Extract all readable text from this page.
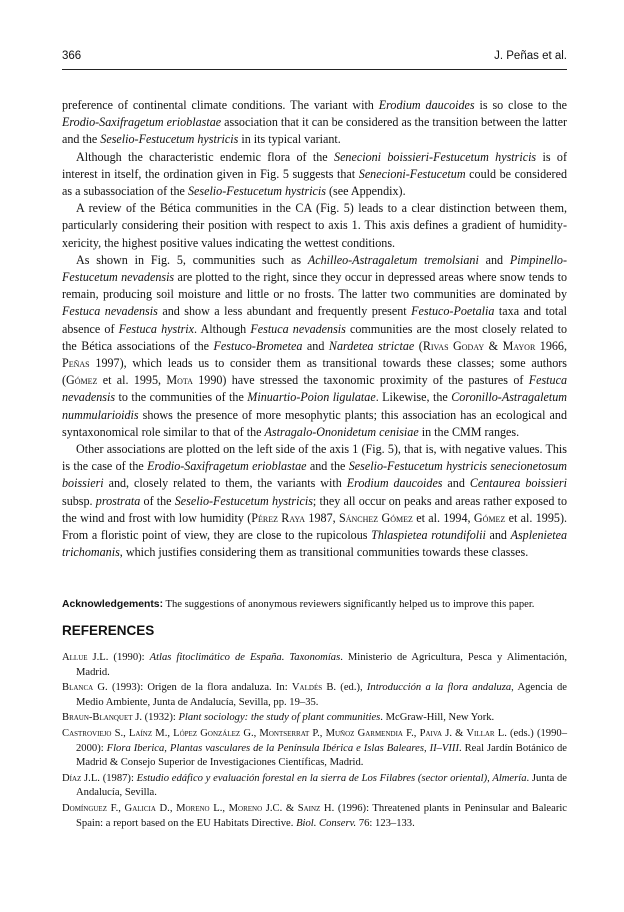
366	J. Peñas et al.

preference of continental climate conditions. The variant with Erodium daucoides is so close to the Erodio-Saxifragetum erioblastae association that it can be considered as the transition between the latter and the Seselio-Festucetum hystricis in its typical variant.

Although the characteristic endemic flora of the Senecioni boissieri-Festucetum hystricis is of interest in itself, the ordination given in Fig. 5 suggests that Senecioni-Festucetum could be considered as a subassociation of the Seselio-Festucetum hystricis (see Appendix).

A review of the Bética communities in the CA (Fig. 5) leads to a clear distinction between them, particularly considering their position with respect to axis 1. This axis defines a gradient of humidity-xericity, the highest positive values indicating the wettest conditions.

As shown in Fig. 5, communities such as Achilleo-Astragaletum tremolsiani and Pimpinello-Festucetum nevadensis are plotted to the right, since they occur in depressed areas where snow tends to remain, producing soil moisture and little or no frosts. The latter two communities are dominated by Festuca nevadensis and show a less abundant and frequently present Festuco-Poetalia taxa and total absence of Festuca hystrix. Although Festuca nevadensis communities are the most closely related to the Bética associations of the Festuco-Brometea and Nardetea strictae (Rivas Goday & Mayor 1966, Peñas 1997), which leads us to consider them as transitional towards these classes; some authors (Gómez et al. 1995, Mota 1990) have stressed the taxonomic proximity of the pastures of Festuca nevadensis to the communities of the Minuartio-Poion ligulatae. Likewise, the Coronillo-Astragaletum nummularioidis shows the presence of more mesophytic plants; this association has an ecological and syntaxonomical role similar to that of the Astragalo-Ononidetum cenisiae in the CMM ranges.

Other associations are plotted on the left side of the axis 1 (Fig. 5), that is, with negative values. This is the case of the Erodio-Saxifragetum erioblastae and the Seselio-Festucetum hystricis senecionetosum boissieri and, closely related to them, the variants with Erodium daucoides and Centaurea boissieri subsp. prostrata of the Seselio-Festucetum hystricis; they all occur on peaks and areas rather exposed to the wind and frost with low humidity (Pérez Raya 1987, Sánchez Gómez et al. 1994, Gómez et al. 1995). From a floristic point of view, they are close to the rupicolous Thlaspietea rotundifolii and Asplenietea trichomanis, which justifies considering them as transitional communities towards these classes.

Acknowledgements: The suggestions of anonymous reviewers significantly helped us to improve this paper.
REFERENCES

Allue J.L. (1990): Atlas fitoclimático de España. Taxonomías. Ministerio de Agricultura, Pesca y Alimentación, Madrid.

Blanca G. (1993): Origen de la flora andaluza. In: Valdés B. (ed.), Introducción a la flora andaluza, Agencia de Medio Ambiente, Junta de Andalucía, Sevilla, pp. 19–35.

Braun-Blanquet J. (1932): Plant sociology: the study of plant communities. McGraw-Hill, New York.

Castroviejo S., Laínz M., López González G., Montserrat P., Muñoz Garmendia F., Paiva J. & Villar L. (eds.) (1990–2000): Flora Iberica, Plantas vasculares de la Península Ibérica e Islas Baleares, II–VIII. Real Jardín Botánico de Madrid & Consejo Superior de Investigaciones Científicas, Madrid.

Díaz J.L. (1987): Estudio edáfico y evaluación forestal en la sierra de Los Filabres (sector oriental), Almería. Junta de Andalucía, Sevilla.

Domínguez F., Galicia D., Moreno L., Moreno J.C. & Sainz H. (1996): Threatened plants in Peninsular and Balearic Spain: a report based on the EU Habitats Directive. Biol. Conserv. 76: 123–133.
